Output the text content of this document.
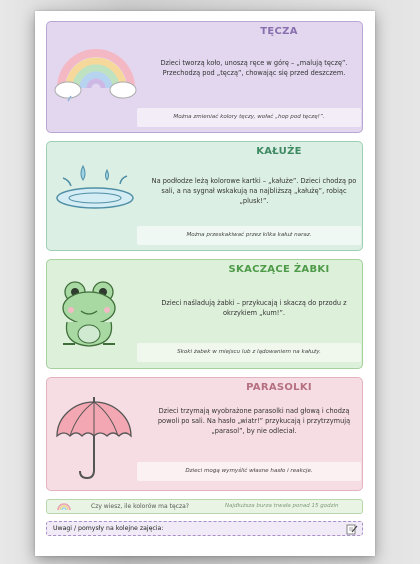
TĘCZA
Dzieci tworzą koło, unoszą ręce w górę – „malują tęczę”. Przechodzą pod „tęczą”, chowając się przed deszczem.
Można zmieniać kolory tęczy, wołać „hop pod tęczę!”.
KAŁUŻE
Na podłodze leżą kolorowe kartki – „kałuże”. Dzieci chodzą po sali, a na sygnał wskakują na najbliższą „kałużę”, robiąc „plusk!”.
Można przeskakiwać przez kilka kałuż naraz.
SKACZĄCE ŻABKI
Dzieci naśladują żabki – przykucają i skaczą do przodu z okrzykiem „kum!”.
Skoki żabek w miejscu lub z lądowaniem na kałuży.
PARASOLKI
Dzieci trzymają wyobrażone parasolki nad głową i chodzą powoli po sali. Na hasło „wiatr!” przykucają i przytrzymują „parasol”, by nie odleciał.
Dzieci mogą wymyślić własne hasło i reakcje.
Czy wiesz, ile kolorów ma tęcza?	Najdłuższa burza trwała ponad 15 godzin
Uwagi / pomysły na kolejne zajęcia:
